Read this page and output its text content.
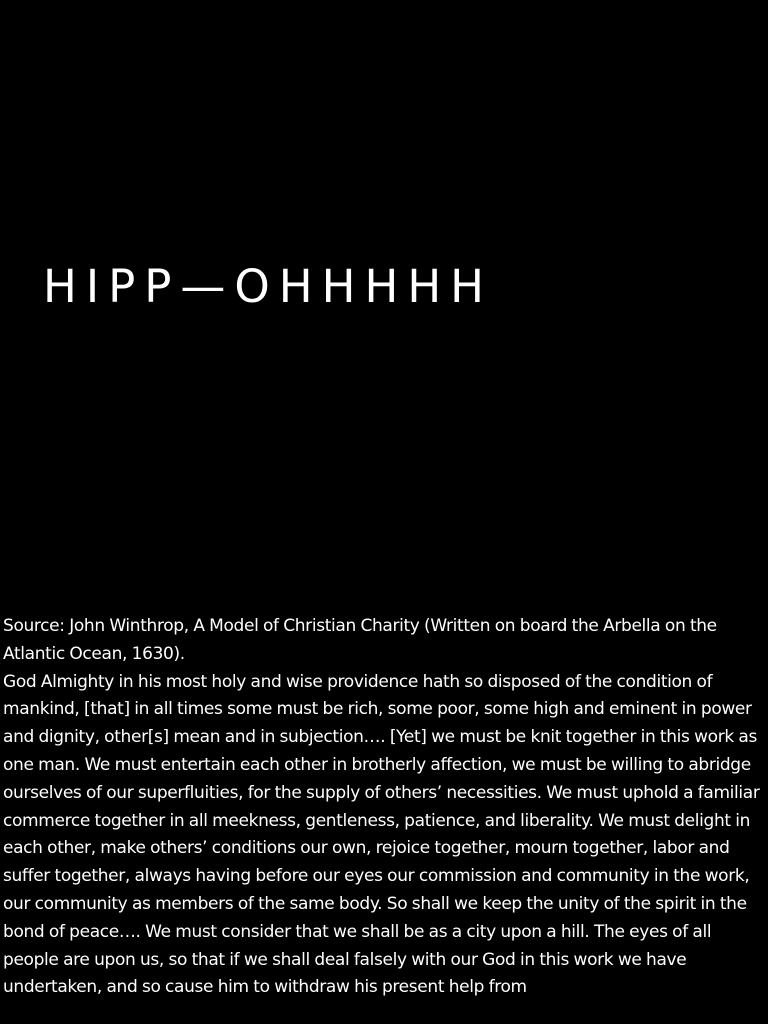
HIPP—OHHHHH

Source: John Winthrop, A Model of Christian Charity (Written on board the Arbella on the Atlantic Ocean, 1630).

God Almighty in his most holy and wise providence hath so disposed of the condition of mankind, [that] in all times some must be rich, some poor, some high and eminent in power and dignity, other[s] mean and in subjection…. [Yet] we must be knit together in this work as one man. We must entertain each other in brotherly affection, we must be willing to abridge ourselves of our superfluities, for the supply of others’ necessities. We must uphold a familiar commerce together in all meekness, gentleness, patience, and liberality. We must delight in each other, make others’ conditions our own, rejoice together, mourn together, labor and suffer together, always having before our eyes our commission and community in the work, our community as members of the same body. So shall we keep the unity of the spirit in the bond of peace…. We must consider that we shall be as a city upon a hill. The eyes of all people are upon us, so that if we shall deal falsely with our God in this work we have undertaken, and so cause him to withdraw his present help from
